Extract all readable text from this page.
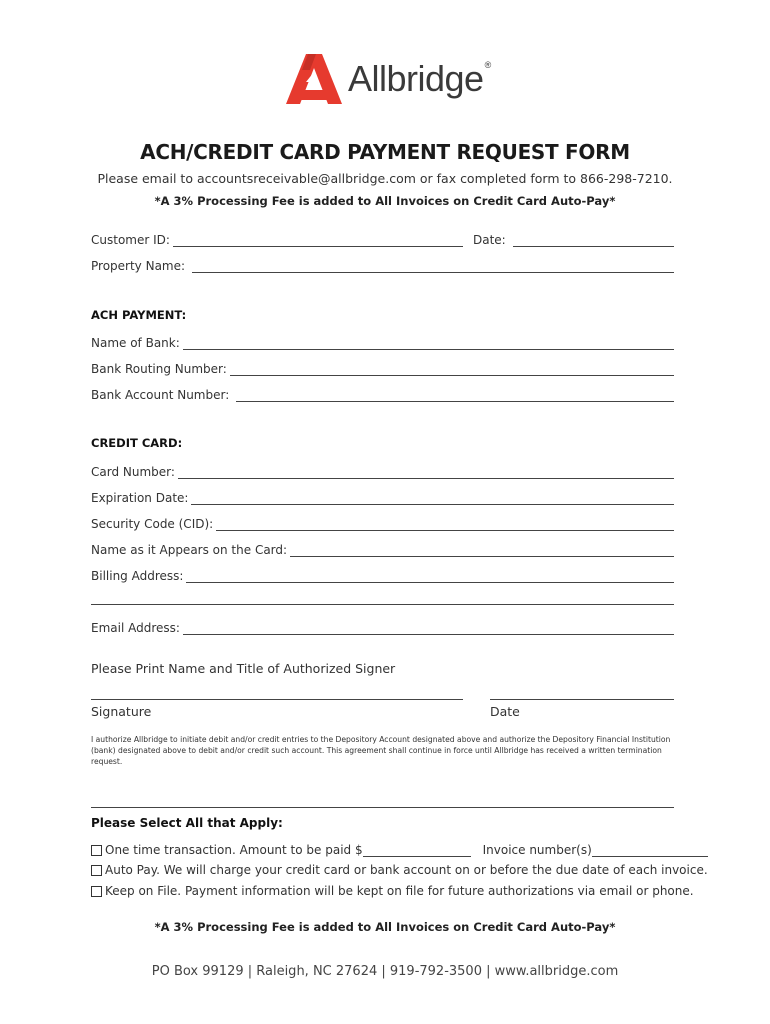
Allbridge®
ACH/CREDIT CARD PAYMENT REQUEST FORM
Please email to accountsreceivable@allbridge.com or fax completed form to 866-298-7210.
*A 3% Processing Fee is added to All Invoices on Credit Card Auto-Pay*
Customer ID:	Date:
Property Name:
ACH PAYMENT:
Name of Bank:
Bank Routing Number:
Bank Account Number:
CREDIT CARD:
Card Number:
Expiration Date:
Security Code (CID):
Name as it Appears on the Card:
Billing Address:
Email Address:
Please Print Name and Title of Authorized Signer
Signature	Date
I authorize Allbridge to initiate debit and/or credit entries to the Depository Account designated above and authorize the Depository Financial Institution (bank) designated above to debit and/or credit such account. This agreement shall continue in force until Allbridge has received a written termination request.
Please Select All that Apply:
One time transaction. Amount to be paid $	Invoice number(s)
Auto Pay. We will charge your credit card or bank account on or before the due date of each invoice.
Keep on File. Payment information will be kept on file for future authorizations via email or phone.
*A 3% Processing Fee is added to All Invoices on Credit Card Auto-Pay*
PO Box 99129 | Raleigh, NC 27624 | 919-792-3500 | www.allbridge.com
